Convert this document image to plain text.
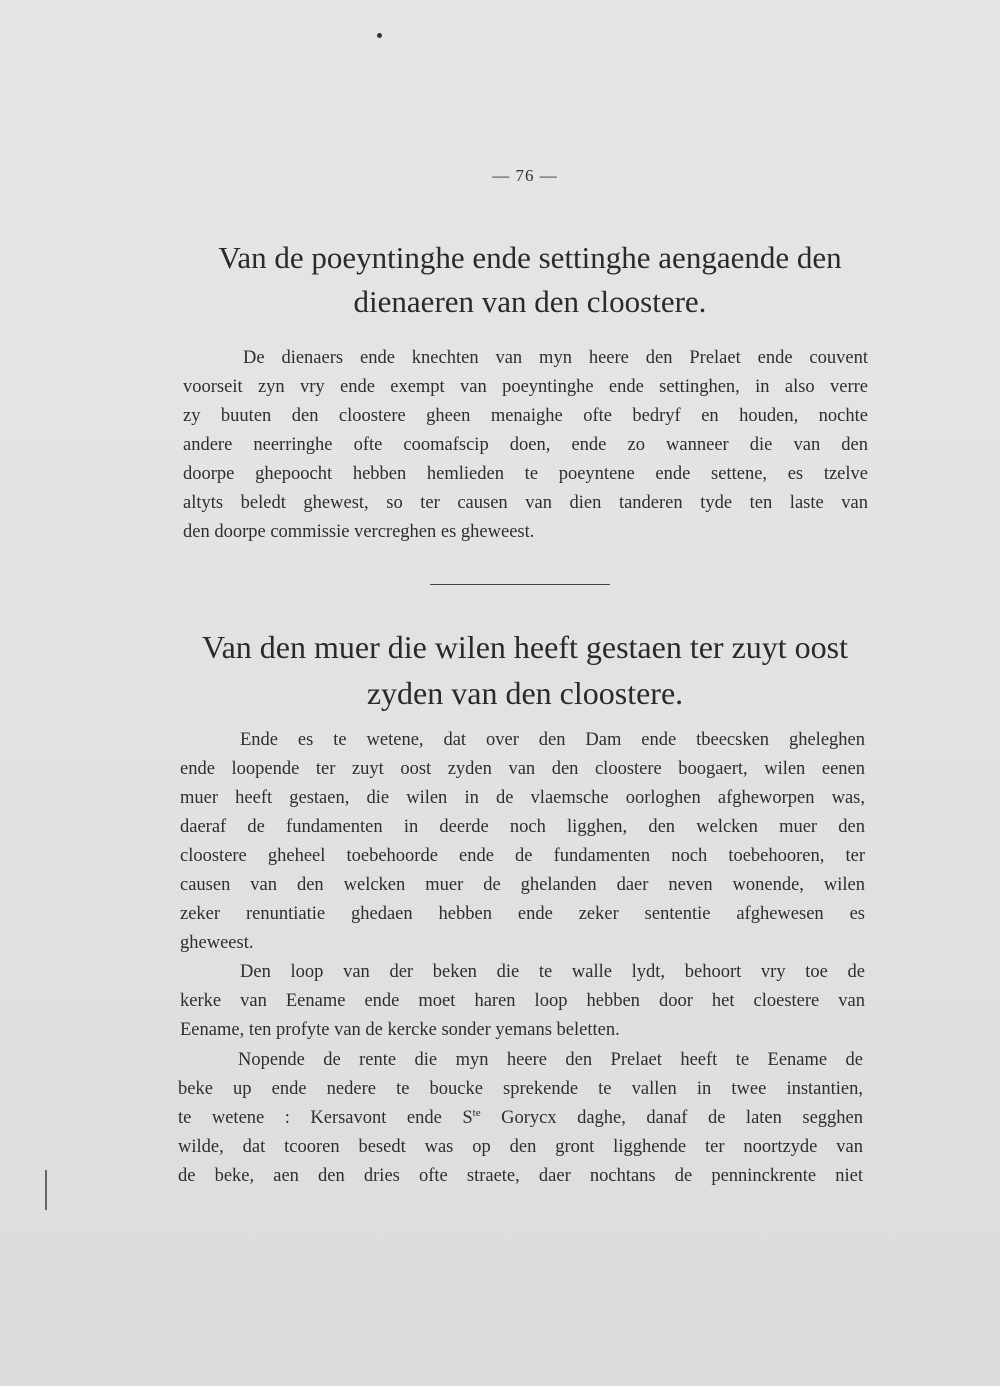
— 76 —
Van de poeyntinghe ende settinghe aengaende den
dienaeren van den cloostere.
De dienaers ende knechten van myn heere den Prelaet ende couvent
voorseit zyn vry ende exempt van poeyntinghe ende settinghen, in also verre
zy buuten den cloostere gheen menaighe ofte bedryf en houden, nochte
andere neerringhe ofte coomafscip doen, ende zo wanneer die van den
doorpe ghepoocht hebben hemlieden te poeyntene ende settene, es tzelve
altyts beledt ghewest, so ter causen van dien tanderen tyde ten laste van
den doorpe commissie vercreghen es gheweest.
Van den muer die wilen heeft gestaen ter zuyt oost
zyden van den cloostere.
Ende es te wetene, dat over den Dam ende tbeecsken gheleghen
ende loopende ter zuyt oost zyden van den cloostere boogaert, wilen eenen
muer heeft gestaen, die wilen in de vlaemsche oorloghen afgheworpen was,
daeraf de fundamenten in deerde noch ligghen, den welcken muer den
cloostere gheheel toebehoorde ende de fundamenten noch toebehooren, ter
causen van den welcken muer de ghelanden daer neven wonende, wilen
zeker renuntiatie ghedaen hebben ende zeker sententie afghewesen es
gheweest.
Den loop van der beken die te walle lydt, behoort vry toe de
kerke van Eename ende moet haren loop hebben door het cloestere van
Eename, ten profyte van de kercke sonder yemans beletten.
Nopende de rente die myn heere den Prelaet heeft te Eename de
beke up ende nedere te boucke sprekende te vallen in twee instantien,
te wetene : Kersavont ende $S^{te}$ Gorycx daghe, danaf de laten segghen
wilde, dat tcooren besedt was op den gront ligghende ter noortzyde van
de beke, aen den dries ofte straete, daer nochtans de penninckrente niet
